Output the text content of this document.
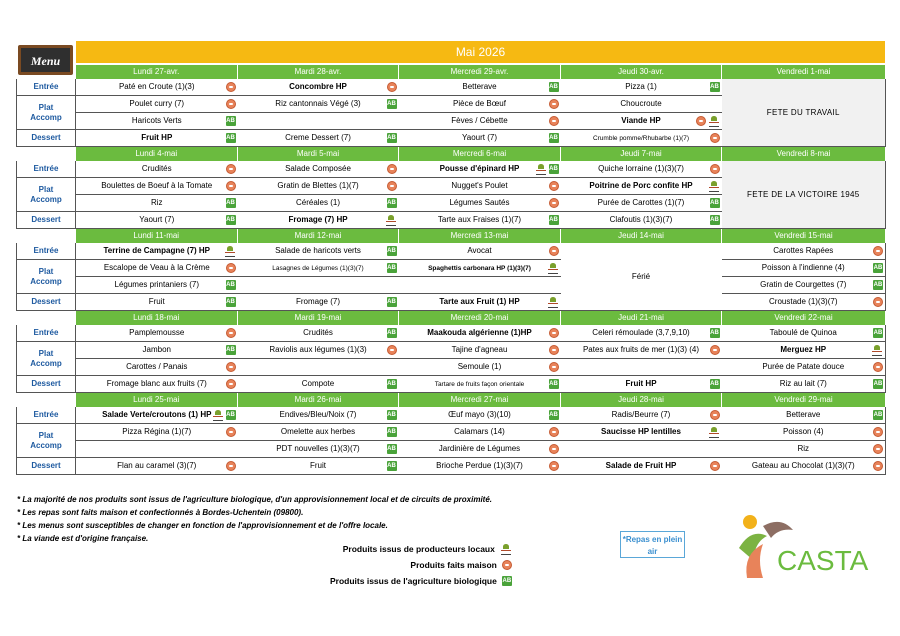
Menu
Mai 2026
	Lundi 27-avr.	Mardi 28-avr.	Mercredi 29-avr.	Jeudi 30-avr.	Vendredi 1-mai
Entrée	Paté en Croute (1)(3)	Concombre HP	Betterave AB	Pizza (1) AB	FETE DU TRAVAIL
Plat
Accomp	Poulet curry (7)	Riz cantonnais Végé (3) AB	Pièce de Bœuf	Choucroute	
	Haricots Verts AB		Fèves / Cébette	Viande HP	

Dessert	Fruit HP AB	Creme Dessert (7) AB	Yaourt (7) AB	Crumble pomme/Rhubarbe (1)(7)	

	Lundi 4-mai	Mardi 5-mai	Mercredi 6-mai	Jeudi 7-mai	Vendredi 8-mai
Entrée	Crudités	Salade Composée	Pousse d'épinard HP AB	Quiche lorraine (1)(3)(7)	FETE DE LA VICTOIRE 1945
Plat
Accomp	Boulettes de Boeuf à la Tomate	Gratin de Blettes (1)(7)	Nugget's Poulet	Poitrine de Porc confite HP	

	Riz AB	Céréales (1) AB	Légumes Sautés	Purée de Carottes (1)(7) AB	

Dessert	Yaourt (7) AB	Fromage (7) HP	Tarte aux Fraises (1)(7) AB	Clafoutis (1)(3)(7) AB	

	Lundi 11-mai	Mardi 12-mai	Mercredi 13-mai	Jeudi 14-mai	Vendredi 15-mai
Entrée	Terrine de Campagne (7) HP	Salade de haricots verts AB	Avocat	Férié	Carottes Rapées

Plat
Accomp	Escalope de Veau à la Crème	Lasagnes de Légumes (1)(3)(7) AB	Spaghettis carbonara HP (1)(3)(7)		Poisson à l'indienne (4) AB

	Légumes printaniers (7) AB				Gratin de Courgettes (7) AB

Dessert	Fruit AB	Fromage (7) AB	Tarte aux Fruit (1) HP		Croustade (1)(3)(7)

	Lundi 18-mai	Mardi 19-mai	Mercredi 20-mai	Jeudi 21-mai	Vendredi 22-mai
Entrée	Pamplemousse	Crudités AB	Maakouda algérienne (1)HP	Celeri rémoulade (3,7,9,10) AB	Taboulé de Quinoa AB

Plat
Accomp	Jambon AB	Raviolis aux légumes (1)(3)	Tajine d'agneau	Pates aux fruits de mer (1)(3) (4)	Merguez HP

	Carottes / Panais		Semoule (1)		Purée de Patate douce

Dessert	Fromage blanc aux fruits (7)	Compote AB	Tartare de fruits façon orientale AB	Fruit HP AB	Riz au lait (7) AB

	Lundi 25-mai	Mardi 26-mai	Mercredi 27-mai	Jeudi 28-mai	Vendredi 29-mai
Entrée	Salade Verte/croutons (1) HP AB	Endives/Bleu/Noix (7) AB	Œuf mayo (3)(10) AB	Radis/Beurre (7)	Betterave AB

Plat
Accomp	Pizza Régina (1)(7)	Omelette aux herbes AB	Calamars (14)	Saucisse HP lentilles	Poisson (4)

		PDT nouvelles (1)(3)(7) AB	Jardinière de Légumes		Riz

Dessert	Flan au caramel (3)(7)	Fruit AB	Brioche Perdue (1)(3)(7)	Salade de Fruit HP	Gateau au Chocolat (1)(3)(7)
* La majorité de nos produits sont issus de l'agriculture biologique, d'un approvisionnement local et de circuits de proximité.
* Les repas sont faits maison et confectionnés à Bordes-Uchentein (09800).
* Les menus sont susceptibles de changer en fonction de l'approvisionnement et de l'offre locale.
* La viande est d'origine française.
Produits issus de producteurs locaux
Produits faits maison
Produits issus de l'agriculture biologique AB
*Repas en plein air	CASTA
